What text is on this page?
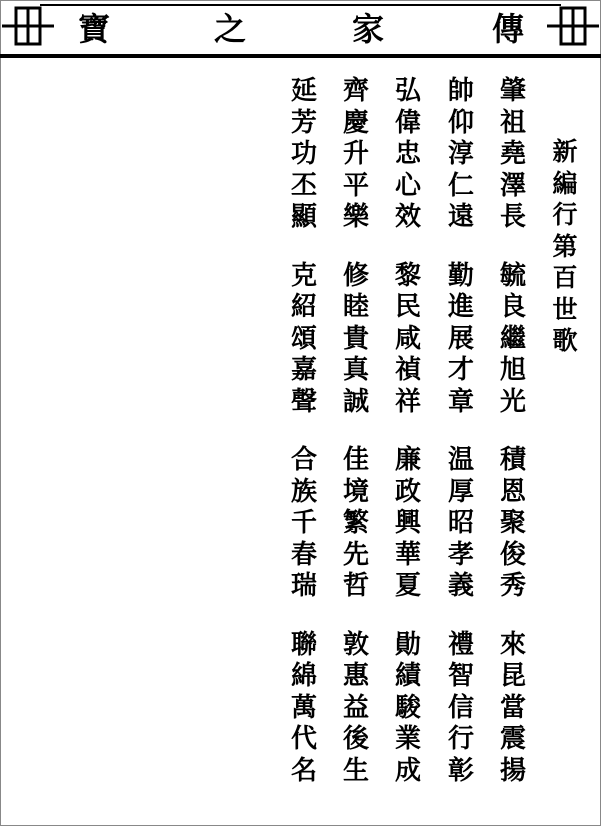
傳
家
之
寶
新
編
行
第
百
世
歌
肇
祖
堯
澤
長
毓
良
繼
旭
光
積
恩
聚
俊
秀
來
昆
當
震
揚
帥
仰
淳
仁
遠
勤
進
展
才
章
温
厚
昭
孝
義
禮
智
信
行
彰
弘
偉
忠
心
效
黎
民
咸
禎
祥
廉
政
興
華
夏
勛
績
駿
業
成
齊
慶
升
平
樂
修
睦
貴
真
誠
佳
境
繁
先
哲
敦
惠
益
後
生
延
芳
功
丕
顯
克
紹
頌
嘉
聲
合
族
千
春
瑞
聯
綿
萬
代
名
